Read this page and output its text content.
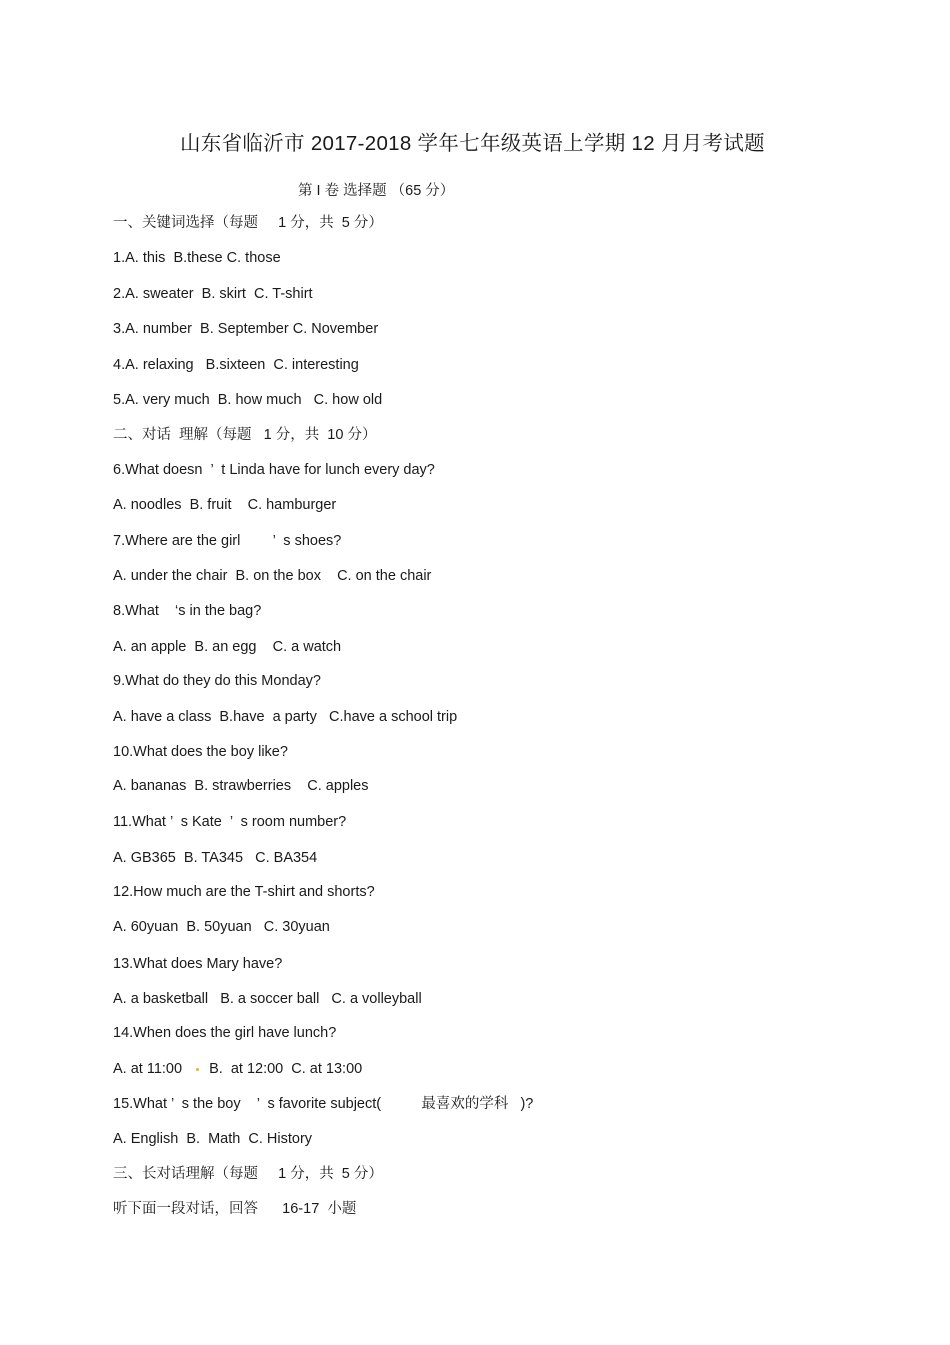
山东省临沂市 2017-2018 学年七年级英语上学期 12 月月考试题
第 I 卷 选择题 （65 分）
一、关键词选择（每题     1 分，共  5 分）
1.A. this  B.these C. those
2.A. sweater  B. skirt  C. T-shirt
3.A. number  B. September C. November
4.A. relaxing   B.sixteen  C. interesting
5.A. very much  B. how much   C. how old
二、对话  理解（每题   1 分，共  10 分）
6.What doesn  ’  t Linda have for lunch every day?
A. noodles  B. fruit    C. hamburger
7.Where are the girl        ’  s shoes?
A. under the chair  B. on the box    C. on the chair
8.What    ‘s in the bag?
A. an apple  B. an egg    C. a watch
9.What do they do this Monday?
A. have a class  B.have  a party   C.have a school trip
10.What does the boy like?
A. bananas  B. strawberries    C. apples
11.What ’  s Kate  ’  s room number?
A. GB365  B. TA345   C. BA354
12.How much are the T-shirt and shorts?
A. 60yuan  B. 50yuan   C. 30yuan
13.What does Mary have?
A. a basketball   B. a soccer ball   C. a volleyball
14.When does the girl have lunch?
A. at 11:00 B.  at 12:00  C. at 13:00
15.What ’  s the boy    ’  s favorite subject(          最喜欢的学科   )?
A. English  B.  Math  C. History
三、长对话理解（每题     1 分，共  5 分）
听下面一段对话，回答      16-17  小题
